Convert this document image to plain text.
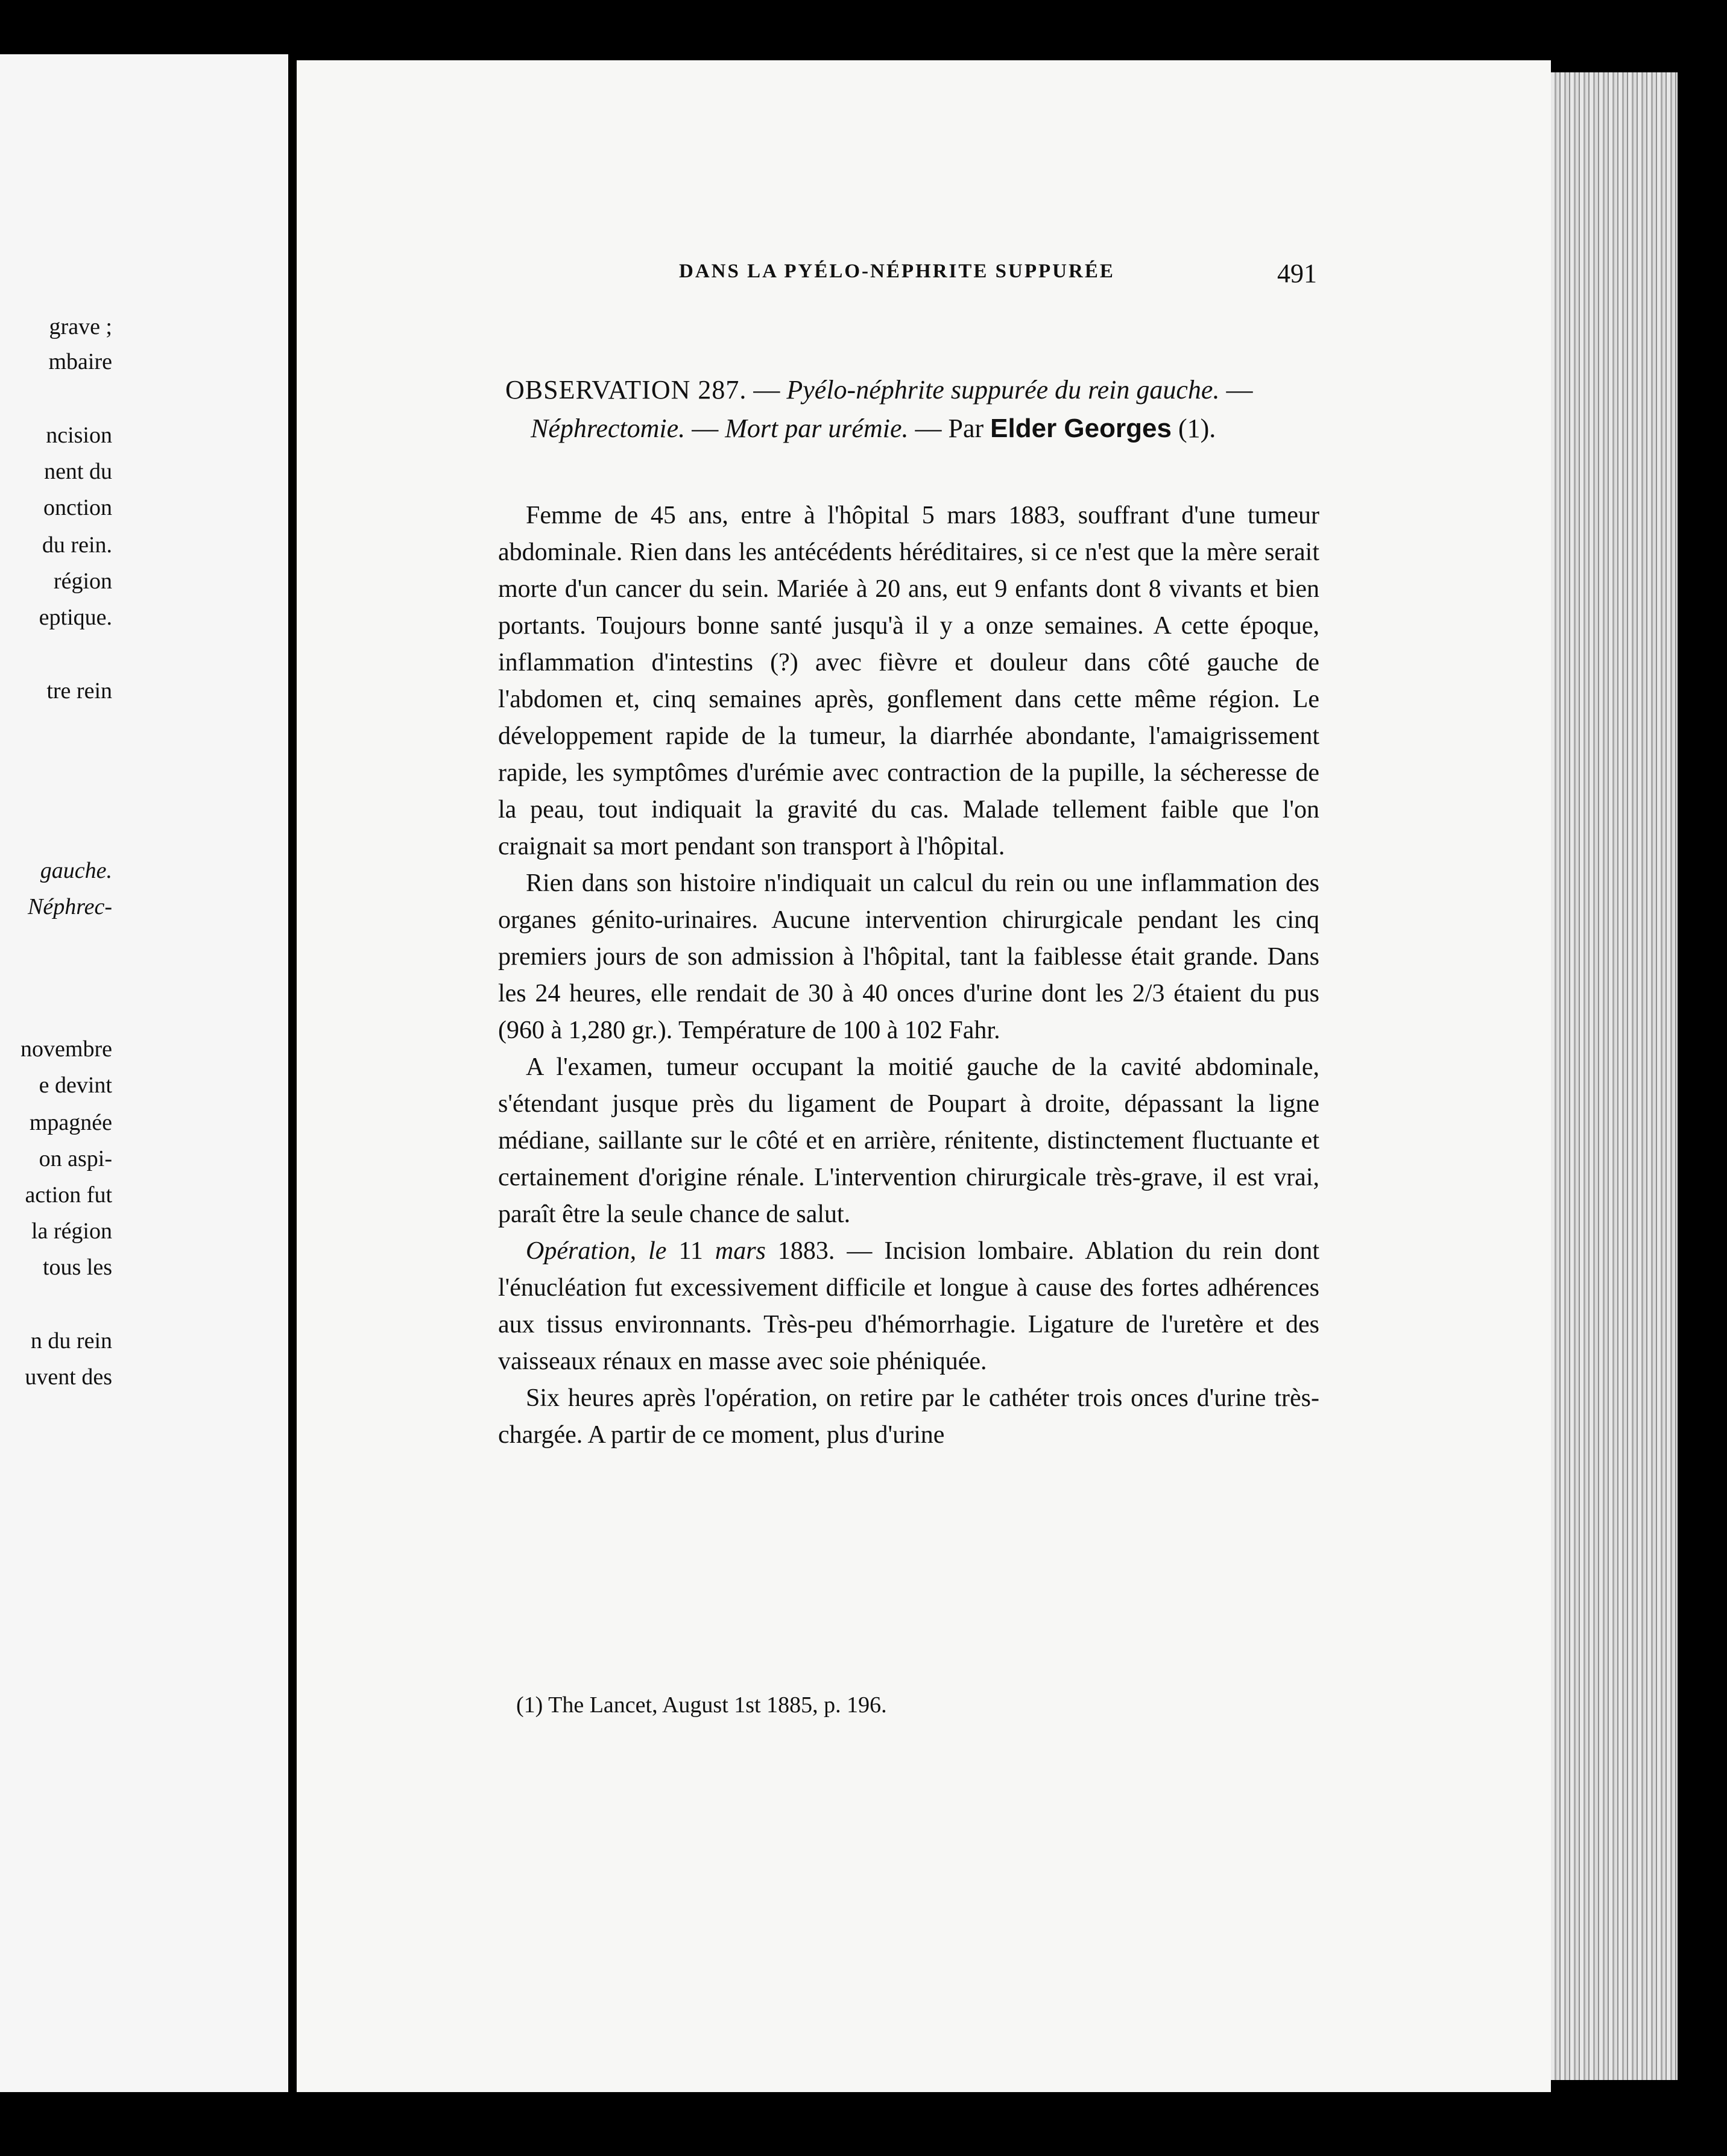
grave ;
mbaire
ncision
nent du
onction
du rein.
région
eptique.
tre rein
gauche.
Néphrec-
novembre
e devint
mpagnée
on aspi-
action fut
la région
tous les
n du rein
uvent des
DANS LA PYÉLO-NÉPHRITE SUPPURÉE	491
OBSERVATION 287. — Pyélo-néphrite suppurée du rein gauche. —
Néphrectomie. — Mort par urémie. — Par Elder Georges (1).

Femme de 45 ans, entre à l'hôpital 5 mars 1883, souffrant d'une tumeur abdominale. Rien dans les antécédents héréditaires, si ce n'est que la mère serait morte d'un cancer du sein. Mariée à 20 ans, eut 9 enfants dont 8 vivants et bien portants. Toujours bonne santé jusqu'à il y a onze semaines. A cette époque, inflammation d'intestins (?) avec fièvre et douleur dans côté gauche de l'abdomen et, cinq semaines après, gonflement dans cette même région. Le développement rapide de la tumeur, la diarrhée abondante, l'amaigrissement rapide, les symptômes d'urémie avec contraction de la pupille, la sécheresse de la peau, tout indiquait la gravité du cas. Malade tellement faible que l'on craignait sa mort pendant son transport à l'hôpital.

Rien dans son histoire n'indiquait un calcul du rein ou une inflammation des organes génito-urinaires. Aucune intervention chirurgicale pendant les cinq premiers jours de son admission à l'hôpital, tant la faiblesse était grande. Dans les 24 heures, elle rendait de 30 à 40 onces d'urine dont les 2/3 étaient du pus (960 à 1,280 gr.). Température de 100 à 102 Fahr.

A l'examen, tumeur occupant la moitié gauche de la cavité abdominale, s'étendant jusque près du ligament de Poupart à droite, dépassant la ligne médiane, saillante sur le côté et en arrière, rénitente, distinctement fluctuante et certainement d'origine rénale. L'intervention chirurgicale très-grave, il est vrai, paraît être la seule chance de salut.

Opération, le 11 mars 1883. — Incision lombaire. Ablation du rein dont l'énucléation fut excessivement difficile et longue à cause des fortes adhérences aux tissus environnants. Très-peu d'hémorrhagie. Ligature de l'uretère et des vaisseaux rénaux en masse avec soie phéniquée.

Six heures après l'opération, on retire par le cathéter trois onces d'urine très-chargée. A partir de ce moment, plus d'urine

(1) The Lancet, August 1st 1885, p. 196.
